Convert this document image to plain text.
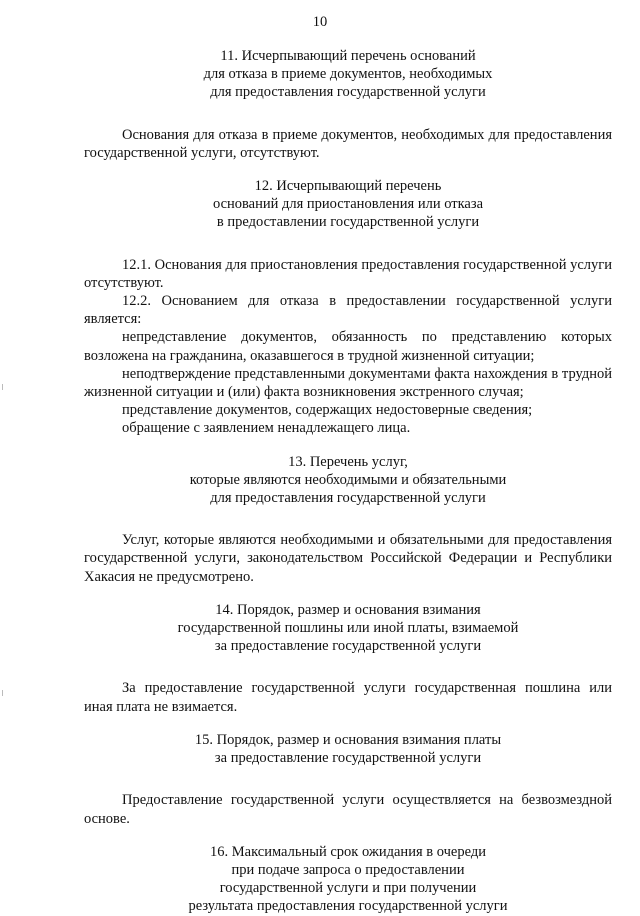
10
11. Исчерпывающий перечень оснований
для отказа в приеме документов, необходимых
для предоставления государственной услуги

Основания для отказа в приеме документов, необходимых для предоставления государственной услуги, отсутствуют.

12. Исчерпывающий перечень
оснований для приостановления или отказа
в предоставлении государственной услуги

12.1. Основания для приостановления предоставления государственной услуги отсутствуют.

12.2. Основанием для отказа в предоставлении государственной услуги является:

непредставление документов, обязанность по представлению которых возложена на гражданина, оказавшегося в трудной жизненной ситуации;

неподтверждение представленными документами факта нахождения в трудной жизненной ситуации и (или) факта возникновения экстренного случая;

представление документов, содержащих недостоверные сведения;

обращение с заявлением ненадлежащего лица.

13. Перечень услуг,
которые являются необходимыми и обязательными
для предоставления государственной услуги

Услуг, которые являются необходимыми и обязательными для предоставления государственной услуги, законодательством Российской Федерации и Республики Хакасия не предусмотрено.

14. Порядок, размер и основания взимания
государственной пошлины или иной платы, взимаемой
за предоставление государственной услуги

За предоставление государственной услуги государственная пошлина или иная плата не взимается.

15. Порядок, размер и основания взимания платы
за предоставление государственной услуги

Предоставление государственной услуги осуществляется на безвозмездной основе.

16. Максимальный срок ожидания в очереди
при подаче запроса о предоставлении
государственной услуги и при получении
результата предоставления государственной услуги
